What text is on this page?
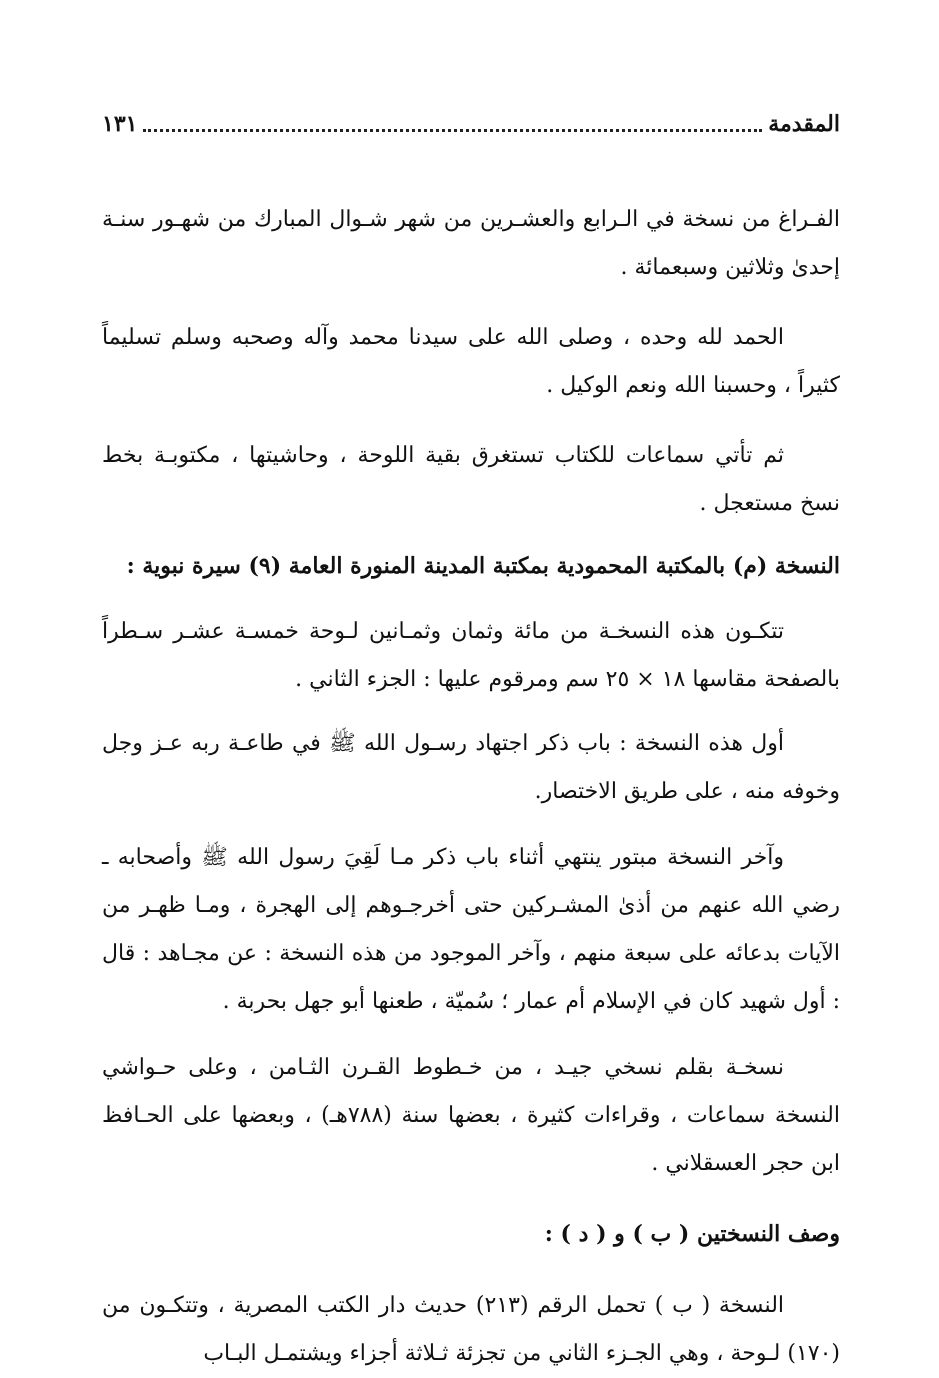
المقدمة
١٣١

الفـراغ من نسخة في الـرابع والعشـرين من شهر شـوال المبارك من شهـور سنـة إحدىٰ وثلاثين وسبعمائة .

الحمد لله وحده ، وصلى الله على سيدنا محمد وآله وصحبه وسلم تسليماً كثيراً ، وحسبنا الله ونعم الوكيل .

ثم تأتي سماعات للكتاب تستغرق بقية اللوحة ، وحاشيتها ، مكتوبـة بخط نسخ مستعجل .

النسخة (م) بالمكتبة المحمودية بمكتبة المدينة المنورة العامة (٩) سيرة نبوية :

تتكـون هذه النسخـة من مائة وثمان وثمـانين لـوحة خمسـة عشـر سـطراً بالصفحة مقاسها ١٨ × ٢٥ سم ومرقوم عليها : الجزء الثاني .

أول هذه النسخة : باب ذكر اجتهاد رسـول الله ﷺ في طاعـة ربه عـز وجل وخوفه منه ، على طريق الاختصار.

وآخر النسخة مبتور ينتهي أثناء باب ذكر مـا لَقِيَ رسول الله ﷺ وأصحابه ـ رضي الله عنهم من أذىٰ المشـركين حتى أخرجـوهم إلى الهجرة ، ومـا ظهـر من الآيات بدعائه على سبعة منهم ، وآخر الموجود من هذه النسخة : عن مجـاهد : قال : أول شهيد كان في الإسلام أم عمار ؛ سُميّة ، طعنها أبو جهل بحربة .

نسخـة بقلم نسخي جيـد ، من خـطوط القـرن الثـامن ، وعلى حـواشي النسخة سماعات ، وقراءات كثيرة ، بعضها سنة (٧٨٨هـ) ، وبعضها على الحـافظ ابن حجر العسقلاني .

وصف النسختين ( ب ) و ( د ) :

النسخة ( ب ) تحمل الرقم (٢١٣) حديث دار الكتب المصرية ، وتتكـون من (١٧٠) لـوحة ، وهي الجـزء الثاني من تجزئة ثـلاثة أجزاء ويشتمـل البـاب
